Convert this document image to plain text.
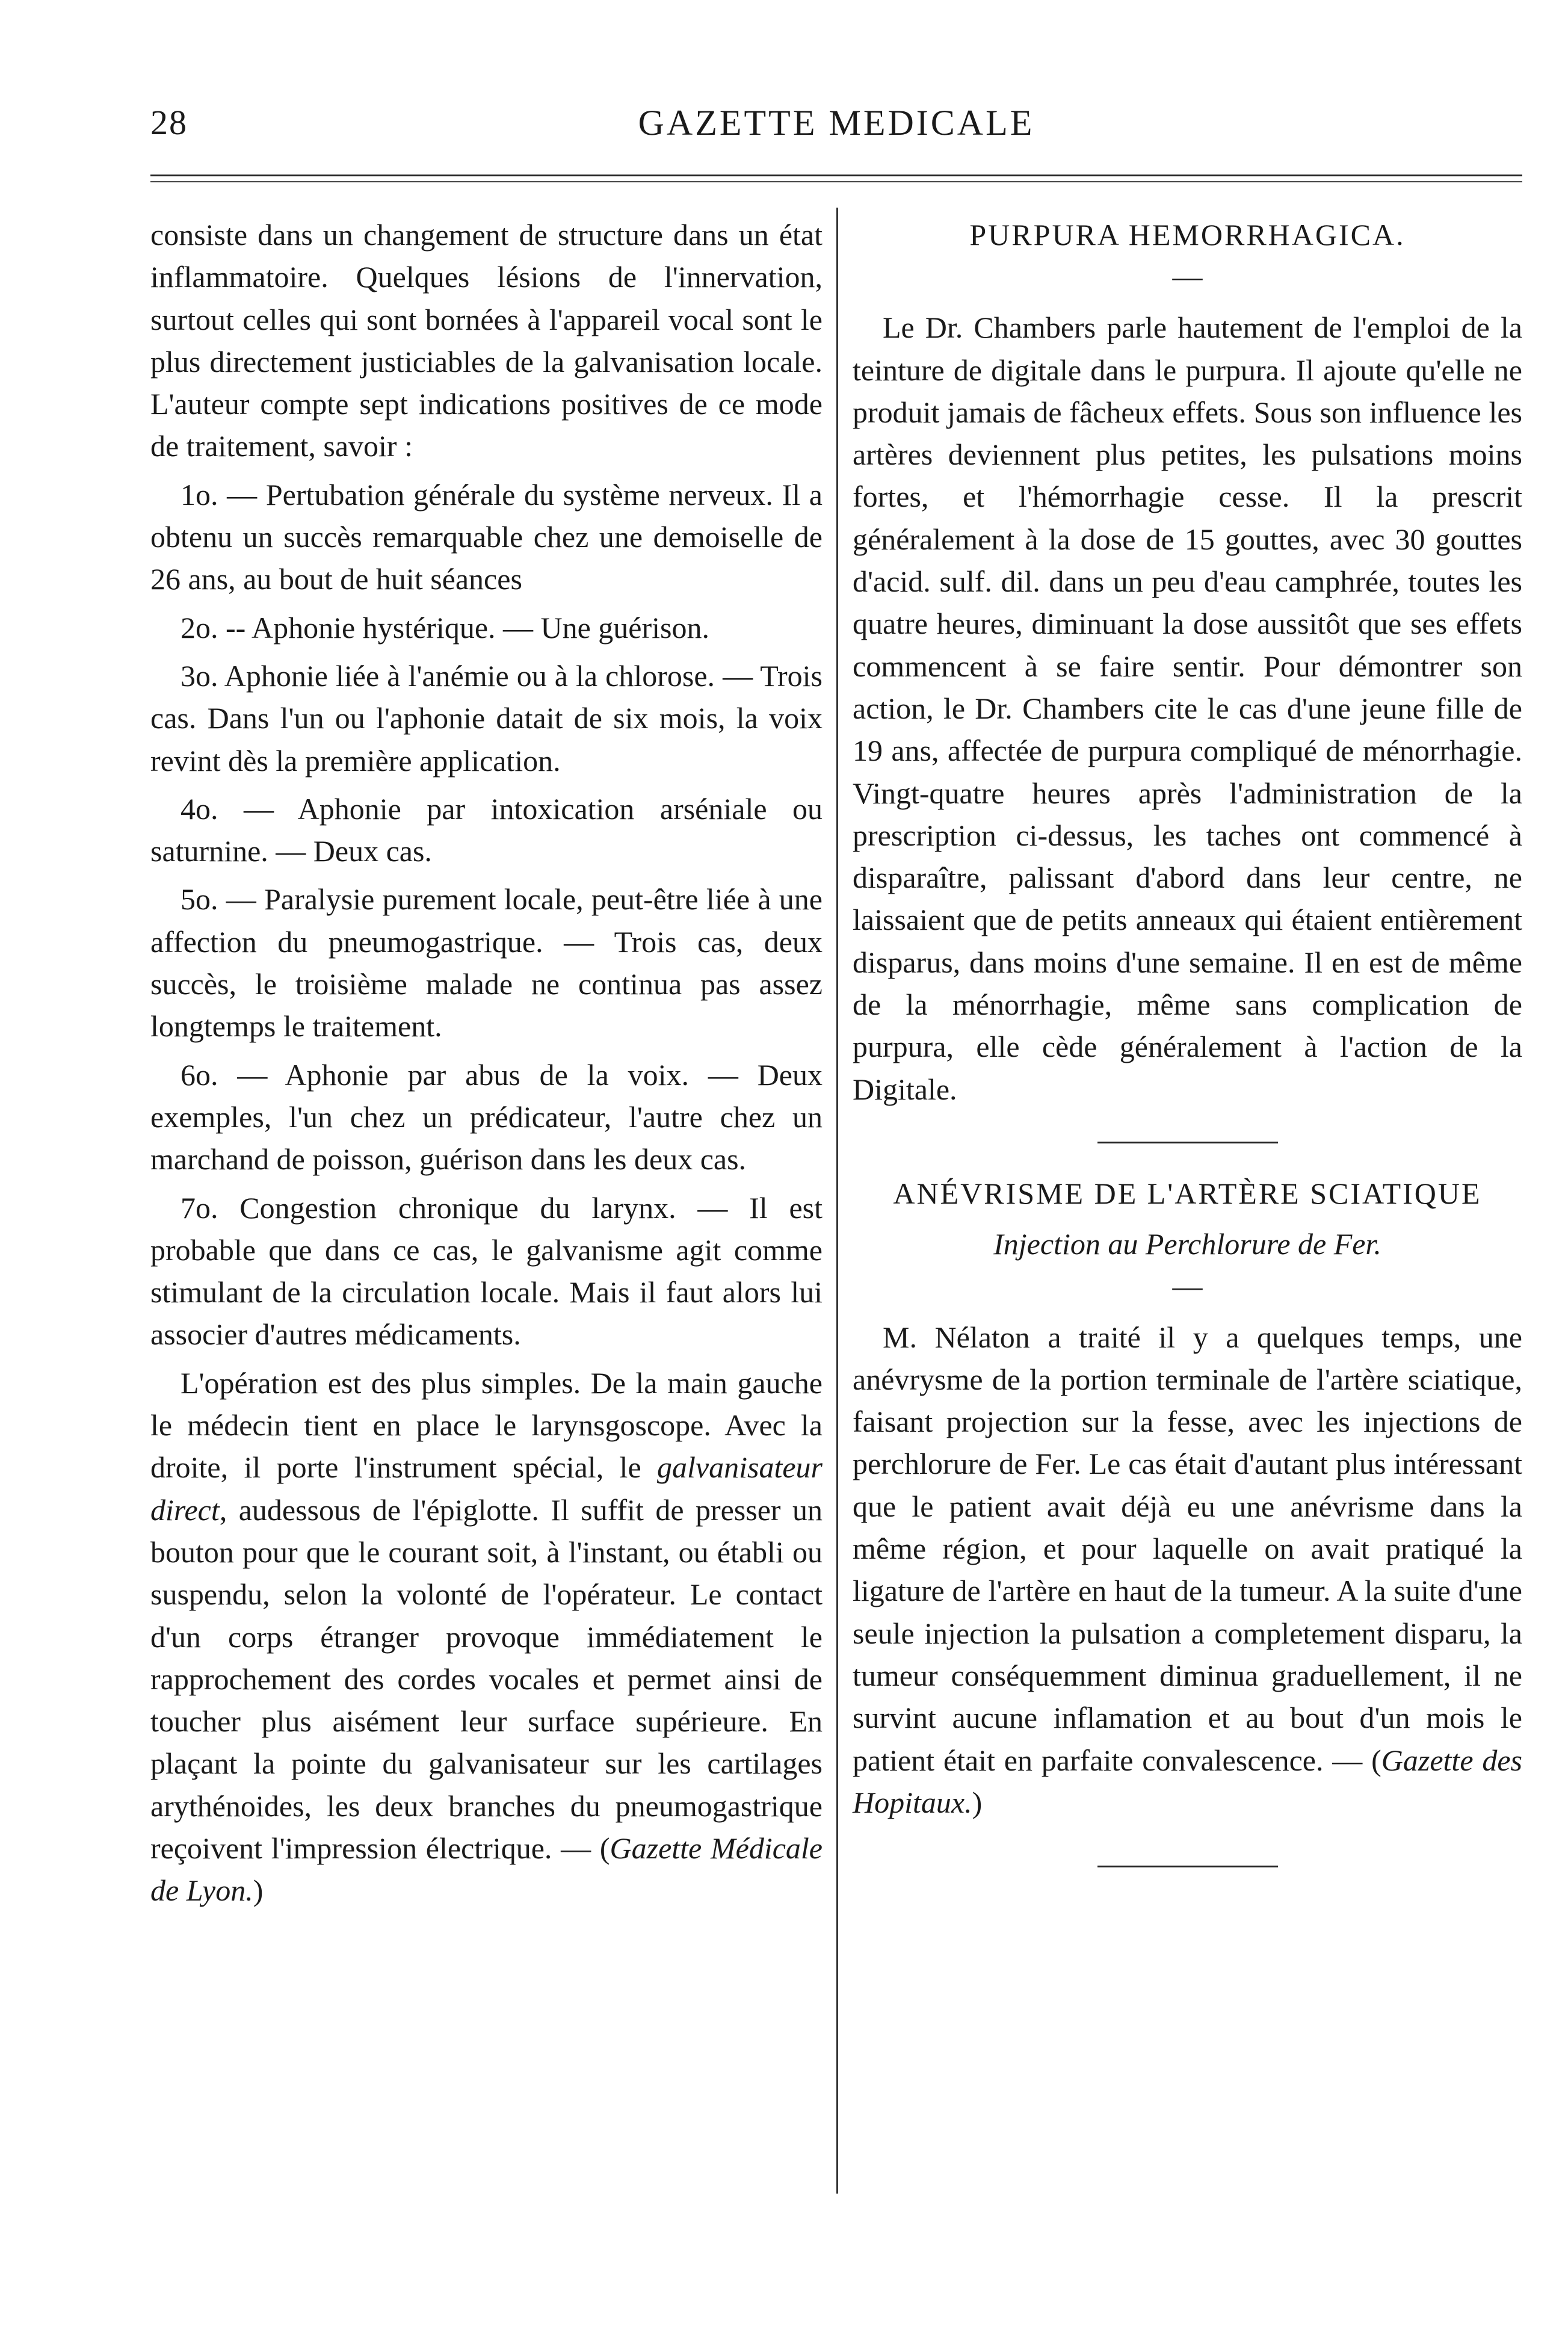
28	GAZETTE MEDICALE

consiste dans un changement de structure dans un état inflammatoire. Quelques lésions de l'innervation, surtout celles qui sont bornées à l'appareil vocal sont le plus directement justiciables de la galvanisation locale. L'auteur compte sept indications positives de ce mode de traitement, savoir :

1o. — Pertubation générale du système nerveux. Il a obtenu un succès remarquable chez une demoiselle de 26 ans, au bout de huit séances

2o. -- Aphonie hystérique. — Une guérison.

3o. Aphonie liée à l'anémie ou à la chlorose. — Trois cas. Dans l'un ou l'aphonie datait de six mois, la voix revint dès la première application.

4o. — Aphonie par intoxication arséniale ou saturnine. — Deux cas.

5o. — Paralysie purement locale, peut-être liée à une affection du pneumogastrique. — Trois cas, deux succès, le troisième malade ne continua pas assez longtemps le traitement.

6o. — Aphonie par abus de la voix. — Deux exemples, l'un chez un prédicateur, l'autre chez un marchand de poisson, guérison dans les deux cas.

7o. Congestion chronique du larynx. — Il est probable que dans ce cas, le galvanisme agit comme stimulant de la circulation locale. Mais il faut alors lui associer d'autres médicaments.

L'opération est des plus simples. De la main gauche le médecin tient en place le larynsgoscope. Avec la droite, il porte l'instrument spécial, le galvanisateur direct, audessous de l'épiglotte. Il suffit de presser un bouton pour que le courant soit, à l'instant, ou établi ou suspendu, selon la volonté de l'opérateur. Le contact d'un corps étranger provoque immédiatement le rapprochement des cordes vocales et permet ainsi de toucher plus aisément leur surface supérieure. En plaçant la pointe du galvanisateur sur les cartilages arythénoides, les deux branches du pneumogastrique reçoivent l'impression électrique. — (Gazette Médicale de Lyon.)

PURPURA HEMORRHAGICA.

—

Le Dr. Chambers parle hautement de l'emploi de la teinture de digitale dans le purpura. Il ajoute qu'elle ne produit jamais de fâcheux effets. Sous son influence les artères deviennent plus petites, les pulsations moins fortes, et l'hémorrhagie cesse. Il la prescrit généralement à la dose de 15 gouttes, avec 30 gouttes d'acid. sulf. dil. dans un peu d'eau camphrée, toutes les quatre heures, diminuant la dose aussitôt que ses effets commencent à se faire sentir. Pour démontrer son action, le Dr. Chambers cite le cas d'une jeune fille de 19 ans, affectée de purpura compliqué de ménorrhagie. Vingt-quatre heures après l'administration de la prescription ci-dessus, les taches ont commencé à disparaître, palissant d'abord dans leur centre, ne laissaient que de petits anneaux qui étaient entièrement disparus, dans moins d'une semaine. Il en est de même de la ménorrhagie, même sans complication de purpura, elle cède généralement à l'action de la Digitale.

ANÉVRISME DE L'ARTÈRE SCIATIQUE

Injection au Perchlorure de Fer.

—

M. Nélaton a traité il y a quelques temps, une anévrysme de la portion terminale de l'artère sciatique, faisant projection sur la fesse, avec les injections de perchlorure de Fer. Le cas était d'autant plus intéressant que le patient avait déjà eu une anévrisme dans la même région, et pour laquelle on avait pratiqué la ligature de l'artère en haut de la tumeur. A la suite d'une seule injection la pulsation a completement disparu, la tumeur conséquemment diminua graduellement, il ne survint aucune inflamation et au bout d'un mois le patient était en parfaite convalescence. — (Gazette des Hopitaux.)
